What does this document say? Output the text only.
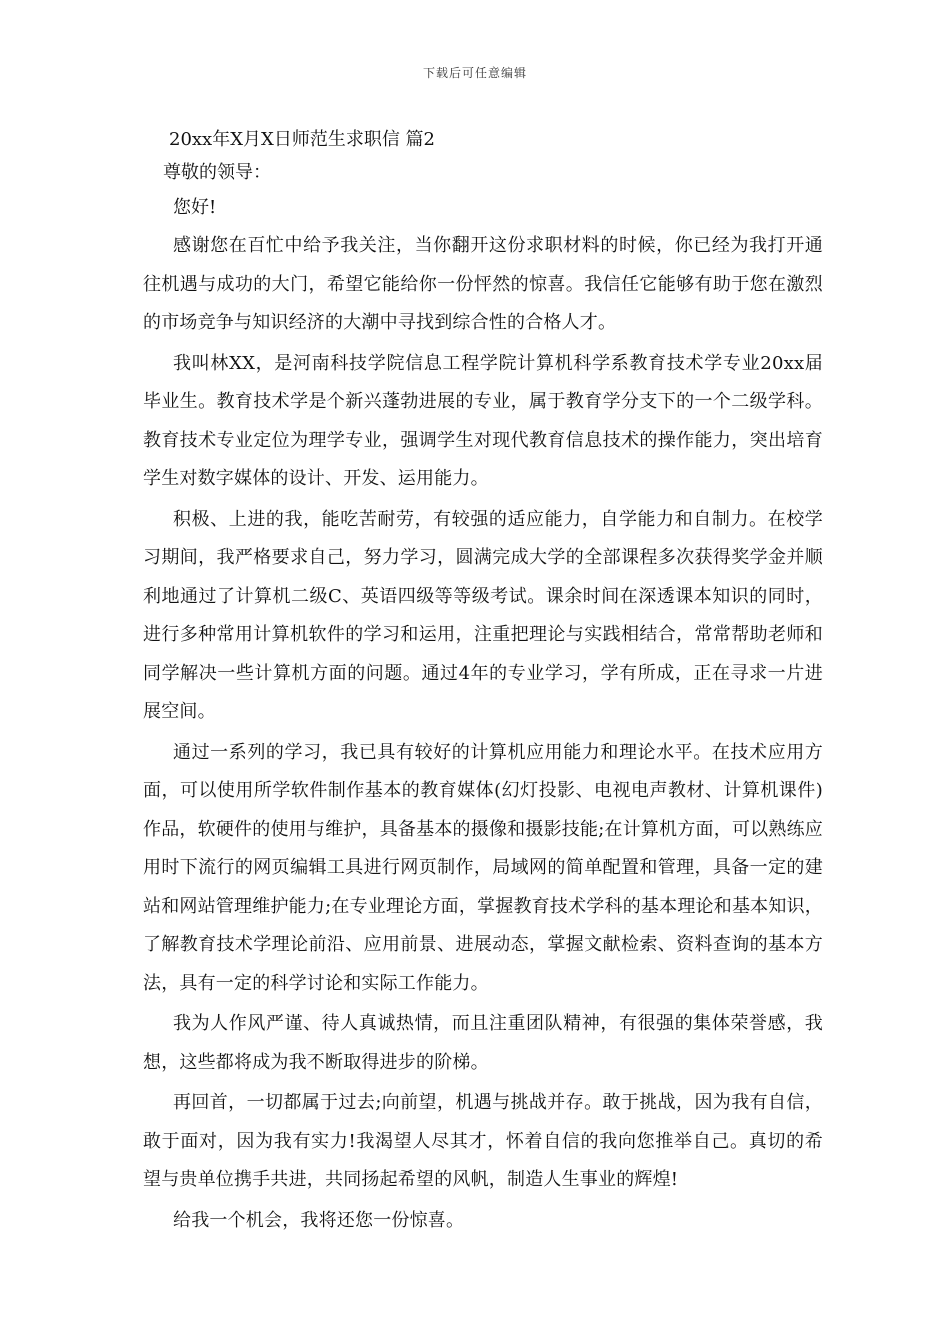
下载后可任意编辑

20xx年X月X日师范生求职信 篇2

尊敬的领导：

您好!

感谢您在百忙中给予我关注，当你翻开这份求职材料的时候，你已经为我打开通往机遇与成功的大门，希望它能给你一份怦然的惊喜。我信任它能够有助于您在激烈的市场竞争与知识经济的大潮中寻找到综合性的合格人才。

我叫林XX，是河南科技学院信息工程学院计算机科学系教育技术学专业20xx届毕业生。教育技术学是个新兴蓬勃进展的专业，属于教育学分支下的一个二级学科。教育技术专业定位为理学专业，强调学生对现代教育信息技术的操作能力，突出培育学生对数字媒体的设计、开发、运用能力。

积极、上进的我，能吃苦耐劳，有较强的适应能力，自学能力和自制力。在校学习期间，我严格要求自己，努力学习，圆满完成大学的全部课程多次获得奖学金并顺利地通过了计算机二级C、英语四级等等级考试。课余时间在深透课本知识的同时，进行多种常用计算机软件的学习和运用，注重把理论与实践相结合，常常帮助老师和同学解决一些计算机方面的问题。通过4年的专业学习，学有所成，正在寻求一片进展空间。

通过一系列的学习，我已具有较好的计算机应用能力和理论水平。在技术应用方面，可以使用所学软件制作基本的教育媒体(幻灯投影、电视电声教材、计算机课件)作品，软硬件的使用与维护，具备基本的摄像和摄影技能;在计算机方面，可以熟练应用时下流行的网页编辑工具进行网页制作，局域网的简单配置和管理，具备一定的建站和网站管理维护能力;在专业理论方面，掌握教育技术学科的基本理论和基本知识，了解教育技术学理论前沿、应用前景、进展动态，掌握文献检索、资料查询的基本方法，具有一定的科学讨论和实际工作能力。

我为人作风严谨、待人真诚热情，而且注重团队精神，有很强的集体荣誉感，我想，这些都将成为我不断取得进步的阶梯。

再回首，一切都属于过去;向前望，机遇与挑战并存。敢于挑战，因为我有自信，敢于面对，因为我有实力!我渴望人尽其才，怀着自信的我向您推举自己。真切的希望与贵单位携手共进，共同扬起希望的风帆，制造人生事业的辉煌!

给我一个机会，我将还您一份惊喜。
